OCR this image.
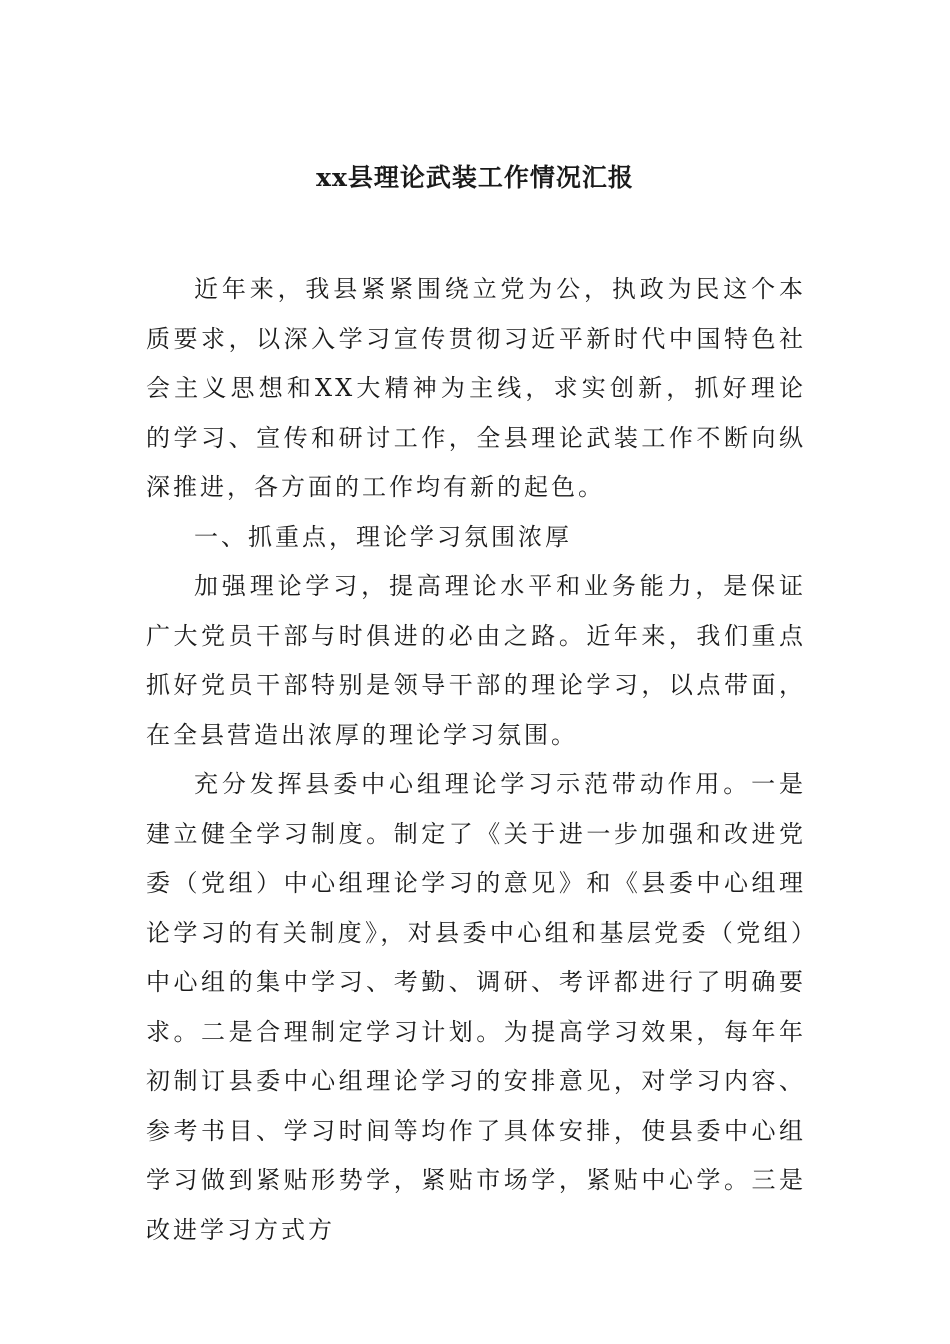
xx县理论武装工作情况汇报

近年来，我县紧紧围绕立党为公，执政为民这个本质要求，以深入学习宣传贯彻习近平新时代中国特色社会主义思想和XX大精神为主线，求实创新，抓好理论的学习、宣传和研讨工作，全县理论武装工作不断向纵深推进，各方面的工作均有新的起色。

一、抓重点，理论学习氛围浓厚

加强理论学习，提高理论水平和业务能力，是保证广大党员干部与时俱进的必由之路。近年来，我们重点抓好党员干部特别是领导干部的理论学习，以点带面，在全县营造出浓厚的理论学习氛围。

充分发挥县委中心组理论学习示范带动作用。一是建立健全学习制度。制定了《关于进一步加强和改进党委（党组）中心组理论学习的意见》和《县委中心组理论学习的有关制度》，对县委中心组和基层党委（党组）中心组的集中学习、考勤、调研、考评都进行了明确要求。二是合理制定学习计划。为提高学习效果，每年年初制订县委中心组理论学习的安排意见，对学习内容、参考书目、学习时间等均作了具体安排，使县委中心组学习做到紧贴形势学，紧贴市场学，紧贴中心学。三是改进学习方式方
